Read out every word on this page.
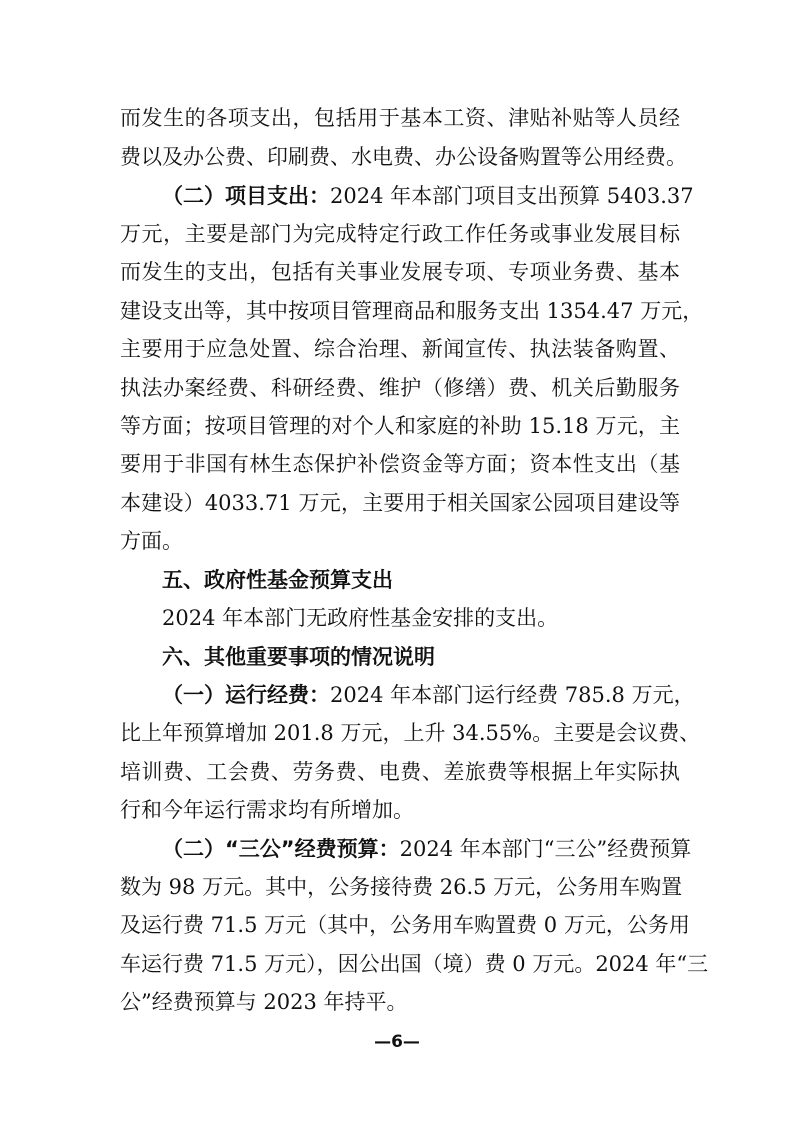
而发生的各项支出，包括用于基本工资、津贴补贴等人员经
费以及办公费、印刷费、水电费、办公设备购置等公用经费。
（二）项目支出：2024 年本部门项目支出预算 5403.37
万元，主要是部门为完成特定行政工作任务或事业发展目标
而发生的支出，包括有关事业发展专项、专项业务费、基本
建设支出等，其中按项目管理商品和服务支出 1354.47 万元，
主要用于应急处置、综合治理、新闻宣传、执法装备购置、
执法办案经费、科研经费、维护（修缮）费、机关后勤服务
等方面；按项目管理的对个人和家庭的补助 15.18 万元，主
要用于非国有林生态保护补偿资金等方面；资本性支出（基
本建设）4033.71 万元，主要用于相关国家公园项目建设等
方面。
五、政府性基金预算支出
2024 年本部门无政府性基金安排的支出。
六、其他重要事项的情况说明
（一）运行经费：2024 年本部门运行经费 785.8 万元，
比上年预算增加 201.8 万元，上升 34.55%。主要是会议费、
培训费、工会费、劳务费、电费、差旅费等根据上年实际执
行和今年运行需求均有所增加。
（二）“三公”经费预算：2024 年本部门“三公”经费预算
数为 98 万元。其中，公务接待费 26.5 万元，公务用车购置
及运行费 71.5 万元（其中，公务用车购置费 0 万元，公务用
车运行费 71.5 万元），因公出国（境）费 0 万元。2024 年“三
公”经费预算与 2023 年持平。
—6—
